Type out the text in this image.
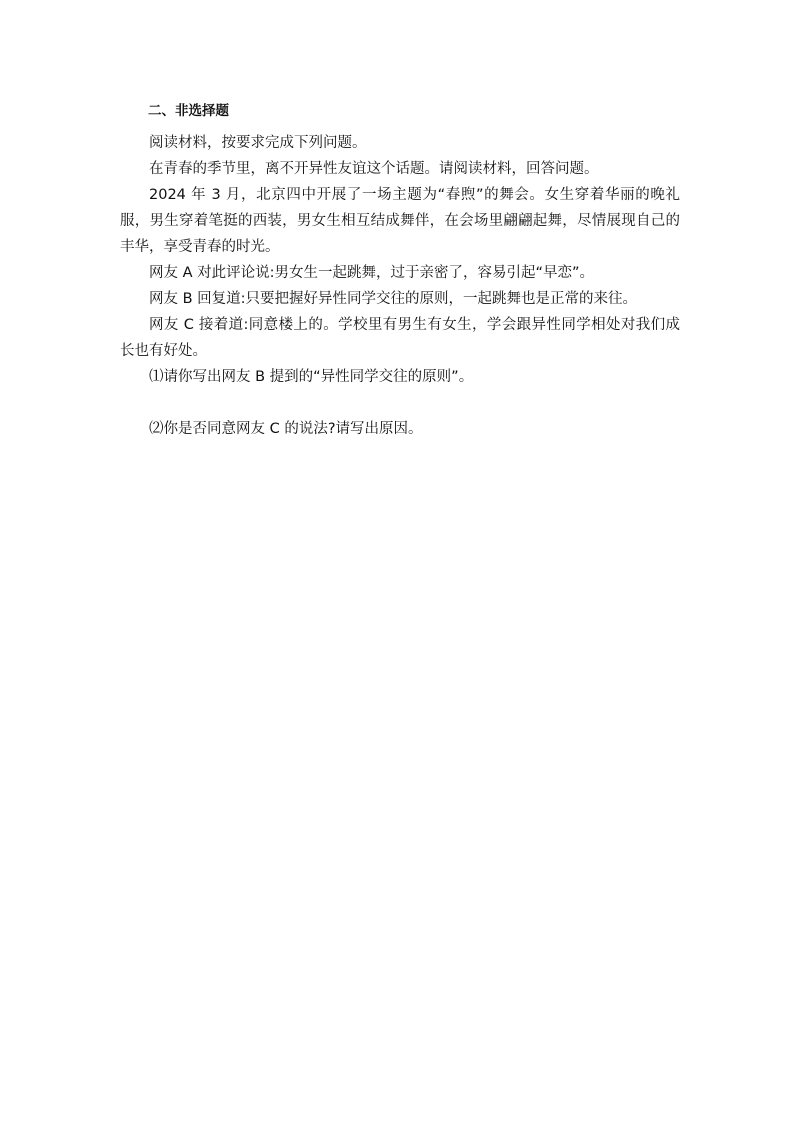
二、非选择题

阅读材料，按要求完成下列问题。

在青春的季节里，离不开异性友谊这个话题。请阅读材料，回答问题。

2024 年 3 月，北京四中开展了一场主题为“春煦”的舞会。女生穿着华丽的晚礼服，男生穿着笔挺的西装，男女生相互结成舞伴，在会场里翩翩起舞，尽情展现自己的丰华，享受青春的时光。

网友 A 对此评论说:男女生一起跳舞，过于亲密了，容易引起“早恋”。

网友 B 回复道:只要把握好异性同学交往的原则，一起跳舞也是正常的来往。

网友 C 接着道:同意楼上的。学校里有男生有女生，学会跟异性同学相处对我们成长也有好处。

⑴请你写出网友 B 提到的“异性同学交往的原则”。

⑵你是否同意网友 C 的说法?请写出原因。
